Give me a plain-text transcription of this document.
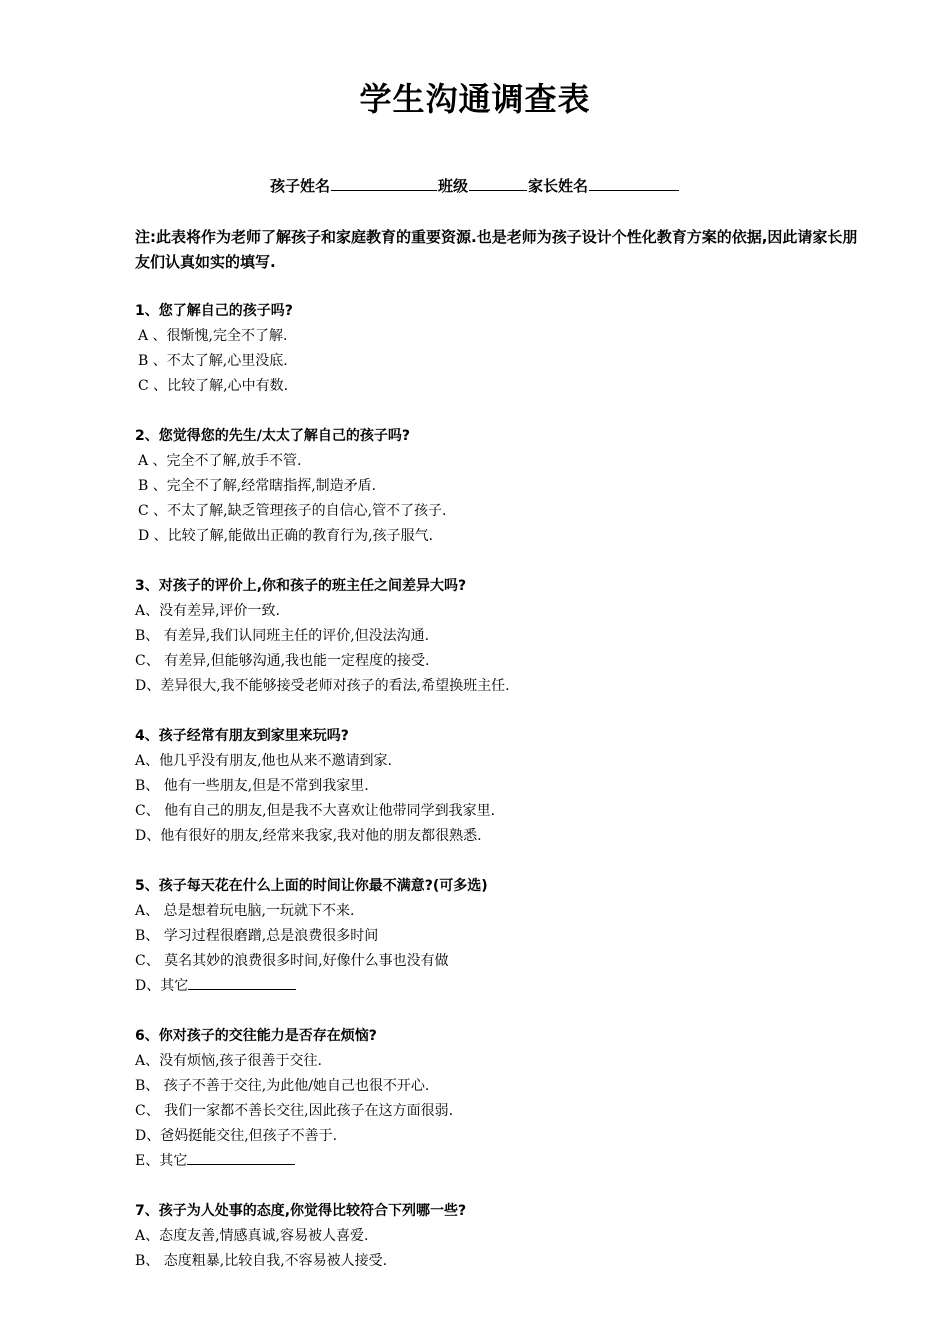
学生沟通调查表
孩子姓名	班级	家长姓名
注:此表将作为老师了解孩子和家庭教育的重要资源.也是老师为孩子设计个性化教育方案的依据,因此请家长朋友们认真如实的填写.
1、您了解自己的孩子吗?
A 、很惭愧,完全不了解.
B 、不太了解,心里没底.
C 、比较了解,心中有数.
2、您觉得您的先生/太太了解自己的孩子吗?
A 、完全不了解,放手不管.
B 、完全不了解,经常瞎指挥,制造矛盾.
C 、不太了解,缺乏管理孩子的自信心,管不了孩子.
D 、比较了解,能做出正确的教育行为,孩子服气.
3、对孩子的评价上,你和孩子的班主任之间差异大吗?
A、没有差异,评价一致.
B、 有差异,我们认同班主任的评价,但没法沟通.
C、 有差异,但能够沟通,我也能一定程度的接受.
D、差异很大,我不能够接受老师对孩子的看法,希望换班主任.
4、孩子经常有朋友到家里来玩吗?
A、他几乎没有朋友,他也从来不邀请到家.
B、 他有一些朋友,但是不常到我家里.
C、 他有自己的朋友,但是我不大喜欢让他带同学到我家里.
D、他有很好的朋友,经常来我家,我对他的朋友都很熟悉.
5、孩子每天花在什么上面的时间让你最不满意?(可多选)
A、 总是想着玩电脑,一玩就下不来.
B、 学习过程很磨蹭,总是浪费很多时间
C、 莫名其妙的浪费很多时间,好像什么事也没有做
D、其它
6、你对孩子的交往能力是否存在烦恼?
A、没有烦恼,孩子很善于交往.
B、 孩子不善于交往,为此他/她自己也很不开心.
C、 我们一家都不善长交往,因此孩子在这方面很弱.
D、爸妈挺能交往,但孩子不善于.
E、其它
7、孩子为人处事的态度,你觉得比较符合下列哪一些?
A、态度友善,情感真诚,容易被人喜爱.
B、 态度粗暴,比较自我,不容易被人接受.
